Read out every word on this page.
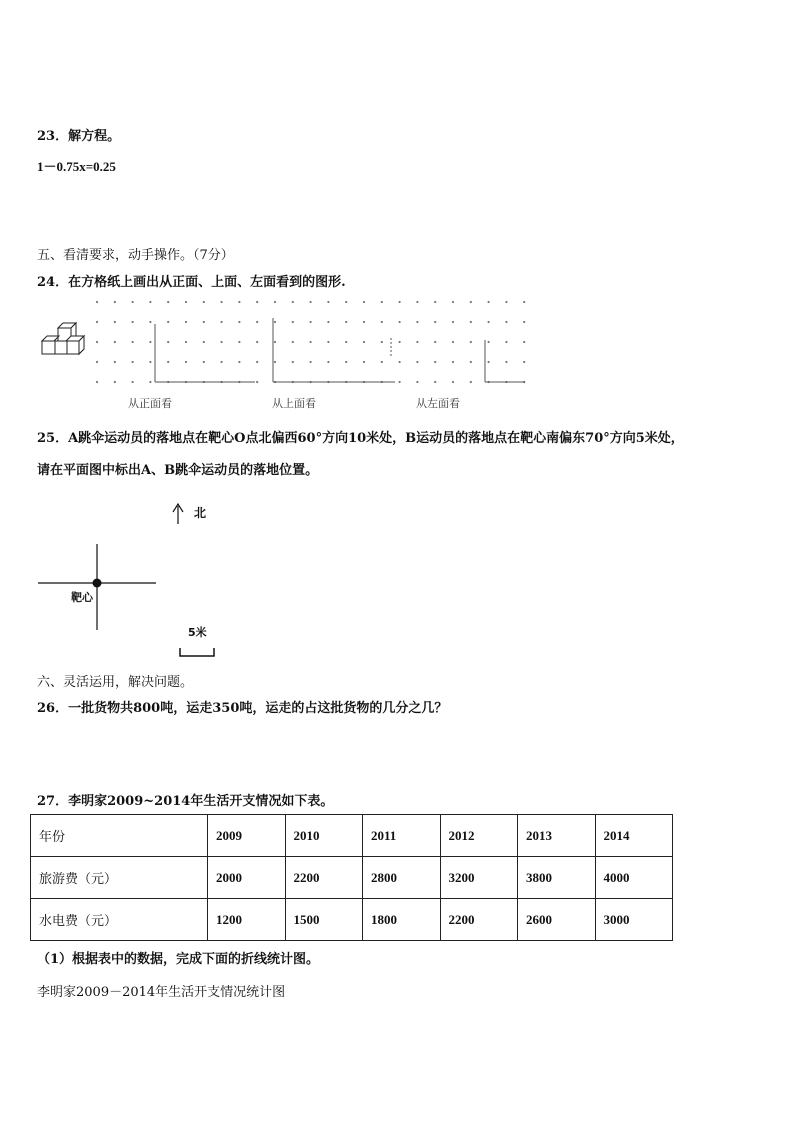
23．解方程。
1－0.75x=0.25
五、看清要求，动手操作。（7分）
24．在方格纸上画出从正面、上面、左面看到的图形.
从正面看	从上面看	从左面看
25．A跳伞运动员的落地点在靶心O点北偏西60°方向10米处，B运动员的落地点在靶心南偏东70°方向5米处，
请在平面图中标出A、B跳伞运动员的落地位置。
北
靶心
5米
六、灵活运用，解决问题。
26．一批货物共800吨，运走350吨，运走的占这批货物的几分之几？
27．李明家2009~2014年生活开支情况如下表。
年份	2009	2010	2011	2012	2013	2014
旅游费（元）	2000	2200	2800	3200	3800	4000
水电费（元）	1200	1500	1800	2200	2600	3000
（1）根据表中的数据，完成下面的折线统计图。
李明家2009－2014年生活开支情况统计图
